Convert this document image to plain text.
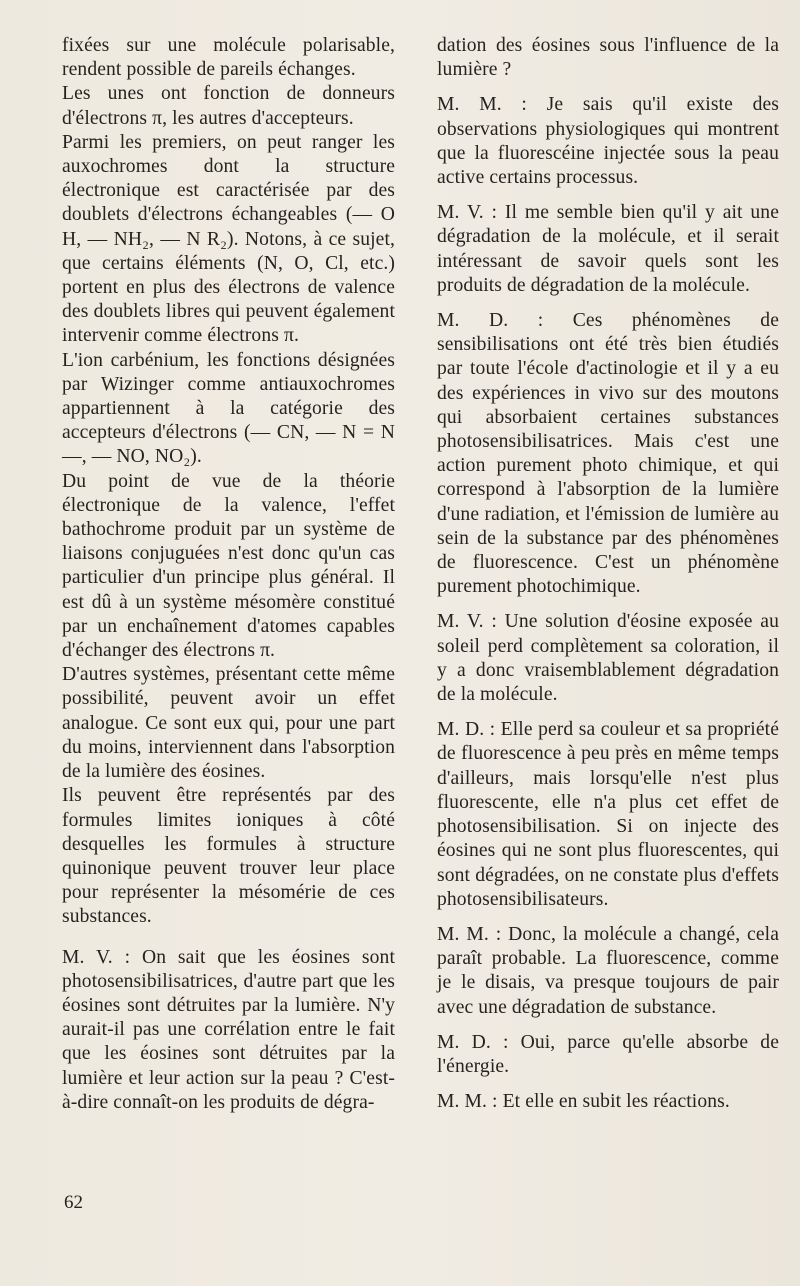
fixées sur une molécule polarisable, rendent possible de pareils échanges.

Les unes ont fonction de donneurs d'électrons π, les autres d'accepteurs.

Parmi les premiers, on peut ranger les auxochromes dont la structure électronique est caractérisée par des doublets d'électrons échangeables (— O H, — NH₂, — N R₂). Notons, à ce sujet, que certains éléments (N, O, Cl, etc.) portent en plus des électrons de valence des doublets libres qui peuvent également intervenir comme électrons π.

L'ion carbénium, les fonctions désignées par Wizinger comme antiauxochromes appartiennent à la catégorie des accepteurs d'électrons (— CN, — N = N —, — NO, NO₂).

Du point de vue de la théorie électronique de la valence, l'effet bathochrome produit par un système de liaisons conjuguées n'est donc qu'un cas particulier d'un principe plus général. Il est dû à un système mésomère constitué par un enchaînement d'atomes capables d'échanger des électrons π.

D'autres systèmes, présentant cette même possibilité, peuvent avoir un effet analogue. Ce sont eux qui, pour une part du moins, interviennent dans l'absorption de la lumière des éosines.

Ils peuvent être représentés par des formules limites ioniques à côté desquelles les formules à structure quinonique peuvent trouver leur place pour représenter la mésomérie de ces substances.

M. V. : On sait que les éosines sont photosensibilisatrices, d'autre part que les éosines sont détruites par la lumière. N'y aurait-il pas une corrélation entre le fait que les éosines sont détruites par la lumière et leur action sur la peau ? C'est-à-dire connaît-on les produits de dégra-

dation des éosines sous l'influence de la lumière ?

M. M. : Je sais qu'il existe des observations physiologiques qui montrent que la fluorescéine injectée sous la peau active certains processus.

M. V. : Il me semble bien qu'il y ait une dégradation de la molécule, et il serait intéressant de savoir quels sont les produits de dégradation de la molécule.

M. D. : Ces phénomènes de sensibilisations ont été très bien étudiés par toute l'école d'actinologie et il y a eu des expériences in vivo sur des moutons qui absorbaient certaines substances photosensibilisatrices. Mais c'est une action purement photo chimique, et qui correspond à l'absorption de la lumière d'une radiation, et l'émission de lumière au sein de la substance par des phénomènes de fluorescence. C'est un phénomène purement photochimique.

M. V. : Une solution d'éosine exposée au soleil perd complètement sa coloration, il y a donc vraisemblablement dégradation de la molécule.

M. D. : Elle perd sa couleur et sa propriété de fluorescence à peu près en même temps d'ailleurs, mais lorsqu'elle n'est plus fluorescente, elle n'a plus cet effet de photosensibilisation. Si on injecte des éosines qui ne sont plus fluorescentes, qui sont dégradées, on ne constate plus d'effets photosensibilisateurs.

M. M. : Donc, la molécule a changé, cela paraît probable. La fluorescence, comme je le disais, va presque toujours de pair avec une dégradation de substance.

M. D. : Oui, parce qu'elle absorbe de l'énergie.

M. M. : Et elle en subit les réactions.

62
